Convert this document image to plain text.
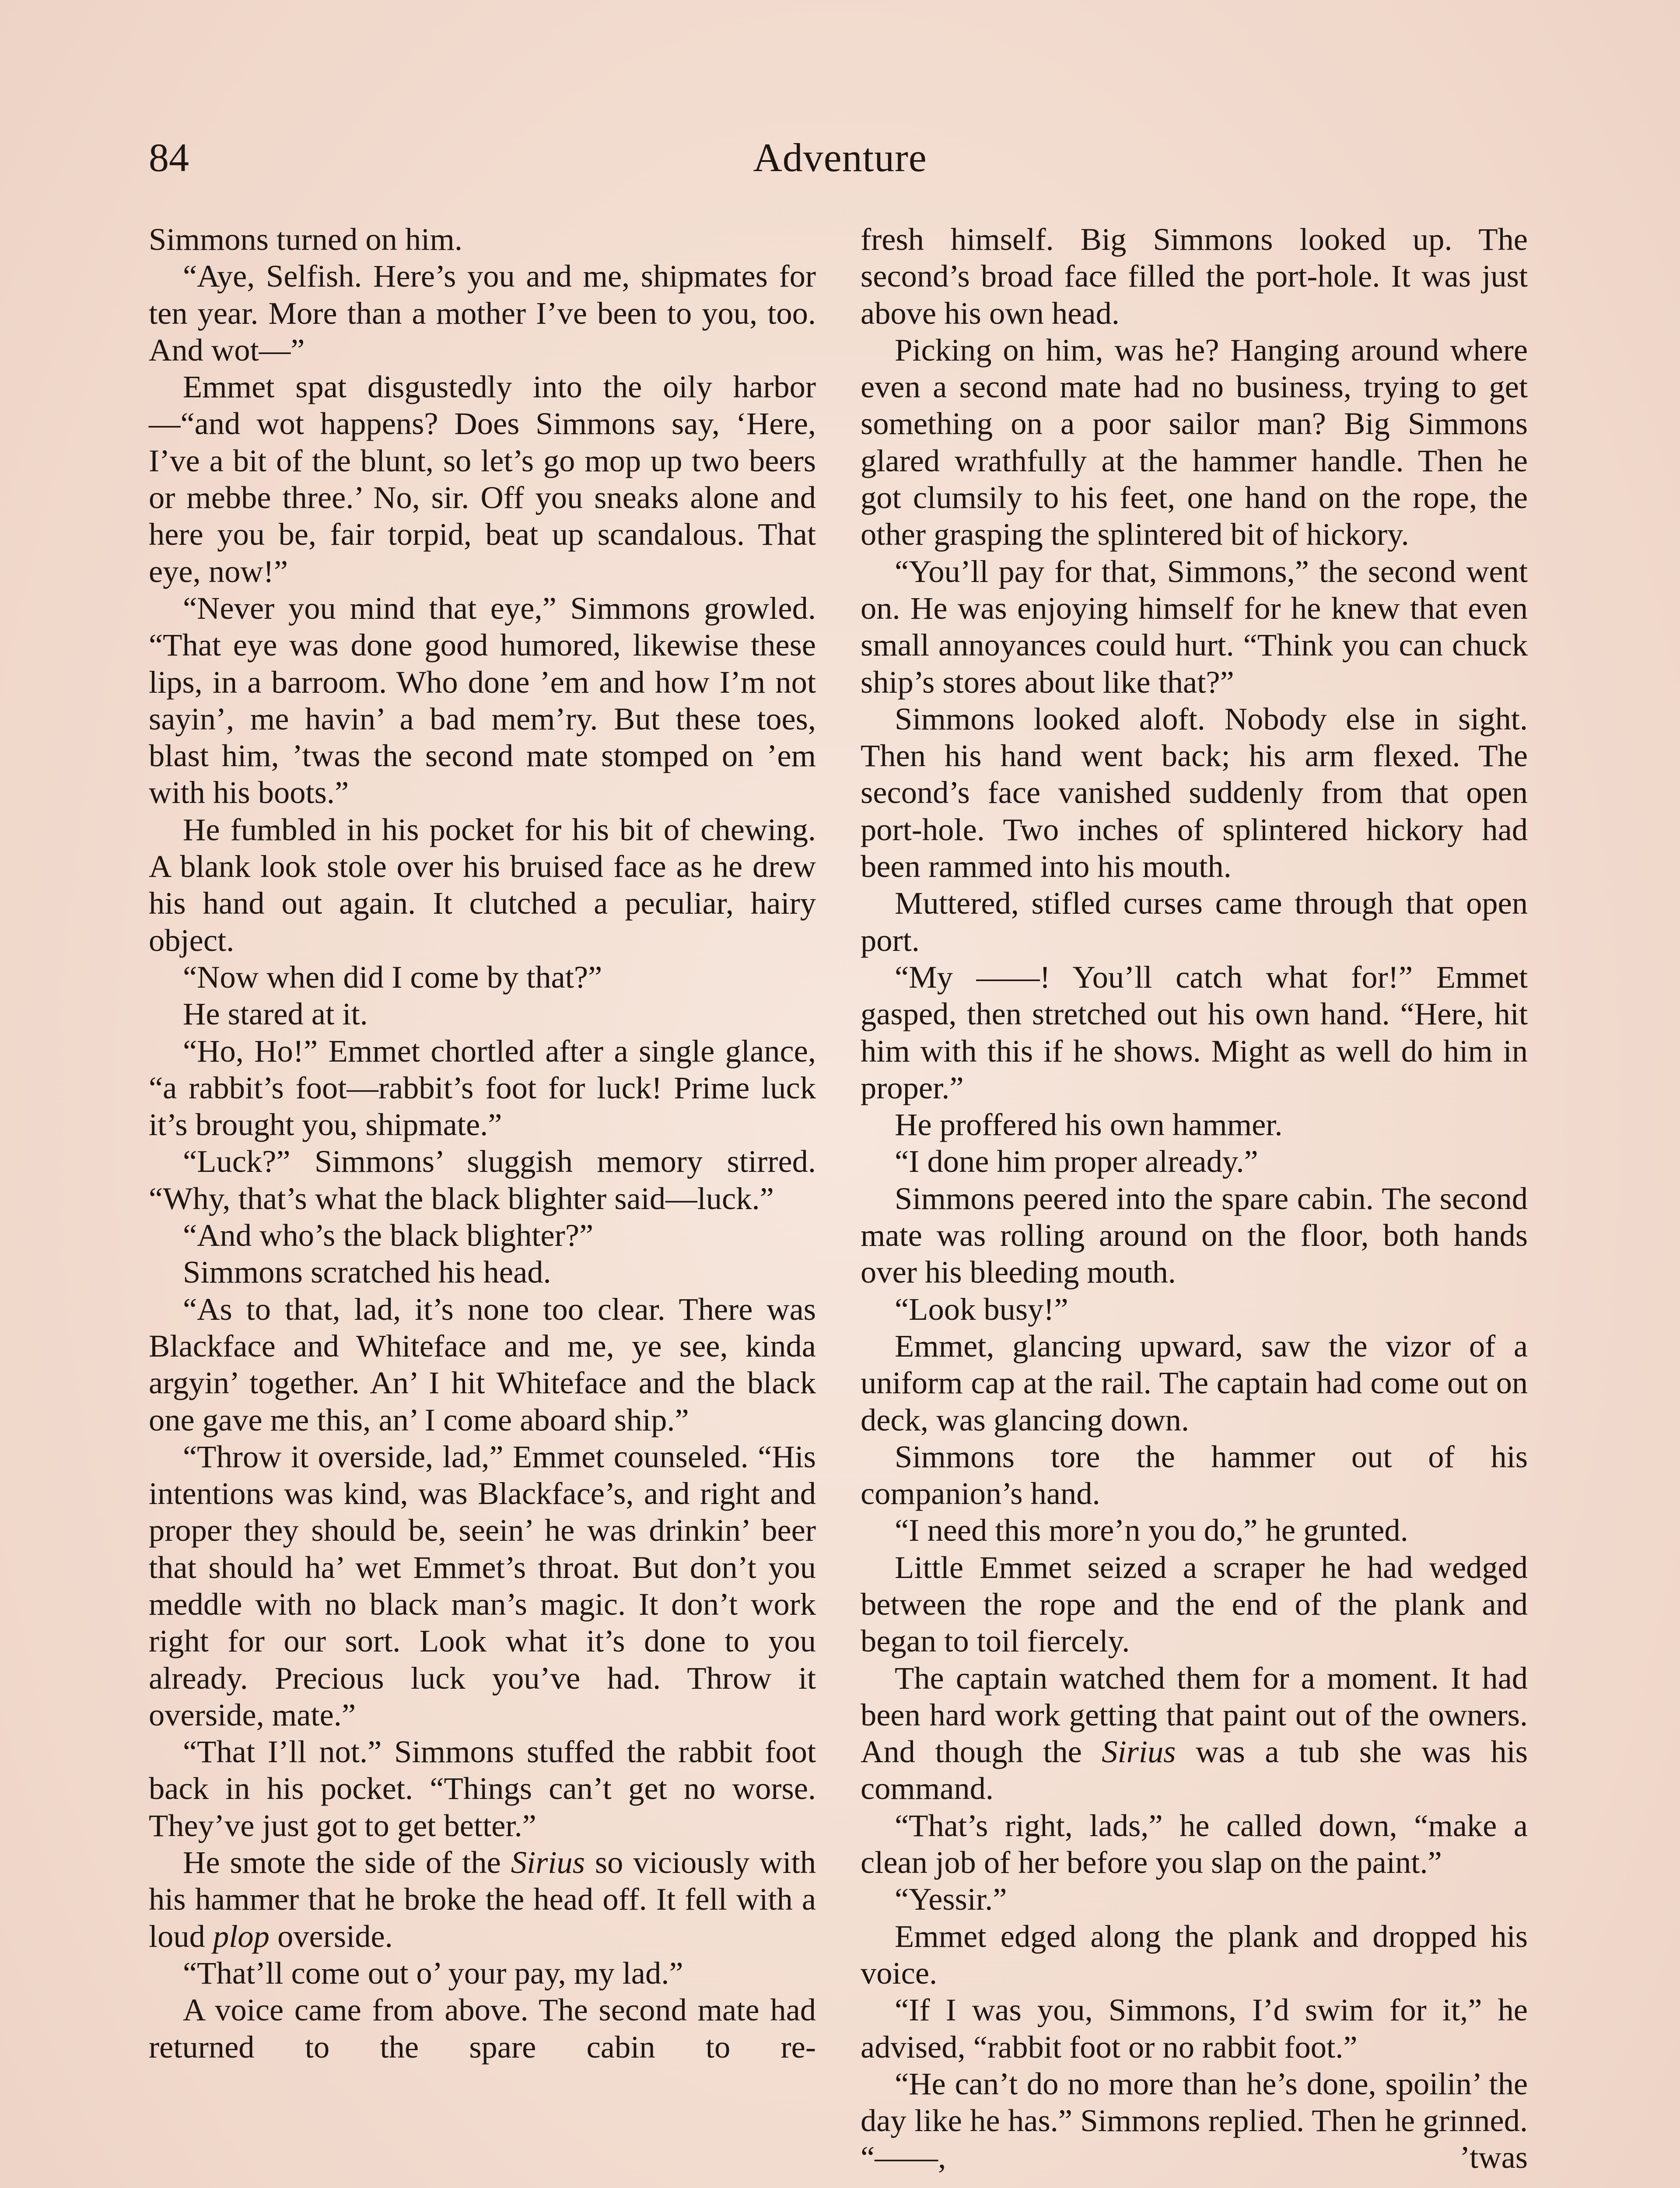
84	Adventure

Simmons turned on him.

“Aye, Selfish. Here’s you and me, shipmates for ten year. More than a mother I’ve been to you, too. And wot—”

Emmet spat disgustedly into the oily harbor—“and wot happens? Does Simmons say, ‘Here, I’ve a bit of the blunt, so let’s go mop up two beers or mebbe three.’ No, sir. Off you sneaks alone and here you be, fair torpid, beat up scandalous. That eye, now!”

“Never you mind that eye,” Simmons growled. “That eye was done good humored, likewise these lips, in a barroom. Who done ’em and how I’m not sayin’, me havin’ a bad mem’ry. But these toes, blast him, ’twas the second mate stomped on ’em with his boots.”

He fumbled in his pocket for his bit of chewing. A blank look stole over his bruised face as he drew his hand out again. It clutched a peculiar, hairy object.

“Now when did I come by that?”

He stared at it.

“Ho, Ho!” Emmet chortled after a single glance, “a rabbit’s foot—rabbit’s foot for luck! Prime luck it’s brought you, shipmate.”

“Luck?” Simmons’ sluggish memory stirred. “Why, that’s what the black blighter said—luck.”

“And who’s the black blighter?”

Simmons scratched his head.

“As to that, lad, it’s none too clear. There was Blackface and Whiteface and me, ye see, kinda argyin’ together. An’ I hit Whiteface and the black one gave me this, an’ I come aboard ship.”

“Throw it overside, lad,” Emmet counseled. “His intentions was kind, was Blackface’s, and right and proper they should be, seein’ he was drinkin’ beer that should ha’ wet Emmet’s throat. But don’t you meddle with no black man’s magic. It don’t work right for our sort. Look what it’s done to you already. Precious luck you’ve had. Throw it overside, mate.”

“That I’ll not.” Simmons stuffed the rabbit foot back in his pocket. “Things can’t get no worse. They’ve just got to get better.”

He smote the side of the Sirius so viciously with his hammer that he broke the head off. It fell with a loud plop overside.

“That’ll come out o’ your pay, my lad.”

A voice came from above. The second mate had returned to the spare cabin to re-

fresh himself. Big Simmons looked up. The second’s broad face filled the port-hole. It was just above his own head.

Picking on him, was he? Hanging around where even a second mate had no business, trying to get something on a poor sailor man? Big Simmons glared wrathfully at the hammer handle. Then he got clumsily to his feet, one hand on the rope, the other grasping the splintered bit of hickory.

“You’ll pay for that, Simmons,” the second went on. He was enjoying himself for he knew that even small annoyances could hurt. “Think you can chuck ship’s stores about like that?”

Simmons looked aloft. Nobody else in sight. Then his hand went back; his arm flexed. The second’s face vanished suddenly from that open port-hole. Two inches of splintered hickory had been rammed into his mouth.

Muttered, stifled curses came through that open port.

“My ——! You’ll catch what for!” Emmet gasped, then stretched out his own hand. “Here, hit him with this if he shows. Might as well do him in proper.”

He proffered his own hammer.

“I done him proper already.”

Simmons peered into the spare cabin. The second mate was rolling around on the floor, both hands over his bleeding mouth.

“Look busy!”

Emmet, glancing upward, saw the vizor of a uniform cap at the rail. The captain had come out on deck, was glancing down.

Simmons tore the hammer out of his companion’s hand.

“I need this more’n you do,” he grunted.

Little Emmet seized a scraper he had wedged between the rope and the end of the plank and began to toil fiercely.

The captain watched them for a moment. It had been hard work getting that paint out of the owners. And though the Sirius was a tub she was his command.

“That’s right, lads,” he called down, “make a clean job of her before you slap on the paint.”

“Yessir.”

Emmet edged along the plank and dropped his voice.

“If I was you, Simmons, I’d swim for it,” he advised, “rabbit foot or no rabbit foot.”

“He can’t do no more than he’s done, spoilin’ the day like he has.” Simmons replied. Then he grinned. “——, ’twas
